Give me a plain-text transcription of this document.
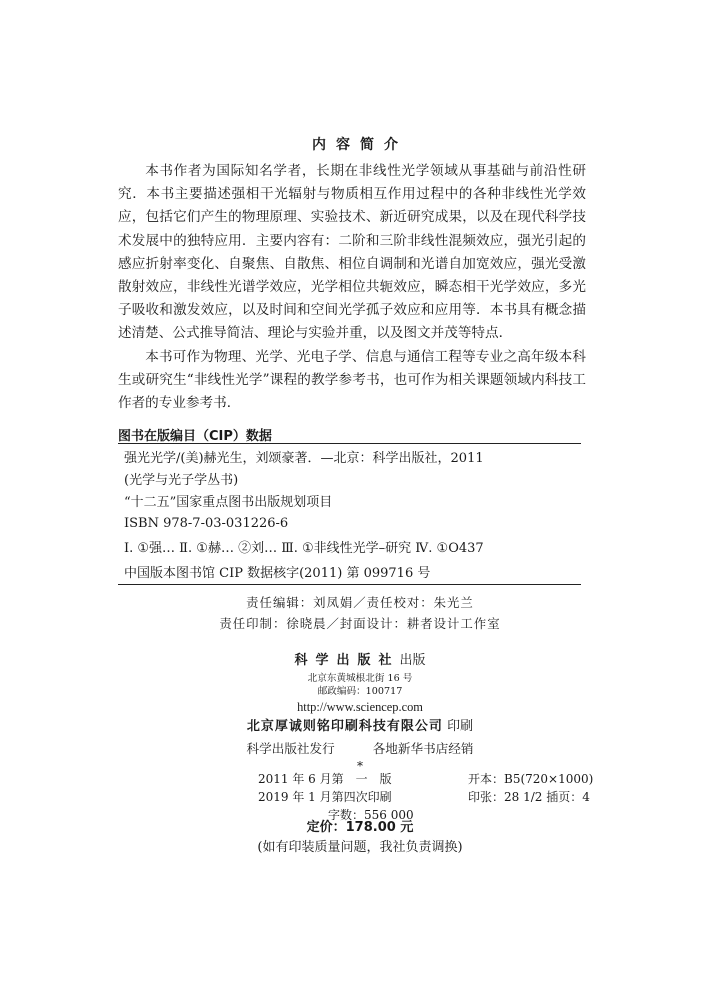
内容简介

本书作者为国际知名学者，长期在非线性光学领域从事基础与前沿性研究．本书主要描述强相干光辐射与物质相互作用过程中的各种非线性光学效应，包括它们产生的物理原理、实验技术、新近研究成果，以及在现代科学技术发展中的独特应用．主要内容有：二阶和三阶非线性混频效应，强光引起的感应折射率变化、自聚焦、自散焦、相位自调制和光谱自加宽效应，强光受激散射效应，非线性光谱学效应，光学相位共轭效应，瞬态相干光学效应，多光子吸收和激发效应，以及时间和空间光学孤子效应和应用等．本书具有概念描述清楚、公式推导简洁、理论与实验并重，以及图文并茂等特点．

本书可作为物理、光学、光电子学、信息与通信工程等专业之高年级本科生或研究生“非线性光学”课程的教学参考书，也可作为相关课题领域内科技工作者的专业参考书．

图书在版编目（CIP）数据
强光光学/(美)赫光生，刘颂豪著．—北京：科学出版社，2011
(光学与光子学丛书)
“十二五”国家重点图书出版规划项目
ISBN 978-7-03-031226-6
Ⅰ. ①强… Ⅱ. ①赫… ②刘… Ⅲ. ①非线性光学–研究 Ⅳ. ①O437
中国版本图书馆 CIP 数据核字(2011) 第 099716 号
责任编辑：刘凤娟／责任校对：朱光兰
责任印制：徐晓晨／封面设计：耕者设计工作室
科学出版社出版
北京东黄城根北街 16 号
邮政编码：100717
http://www.sciencep.com
北京厚诚则铭印刷科技有限公司 印刷
科学出版社发行	各地新华书店经销
*
2011 年 6 月第　一　版	开本：B5(720×1000)
2019 年 1 月第四次印刷	印张：28 1/2 插页：4
字数：556 000
定价：178.00 元
(如有印装质量问题，我社负责调换)
